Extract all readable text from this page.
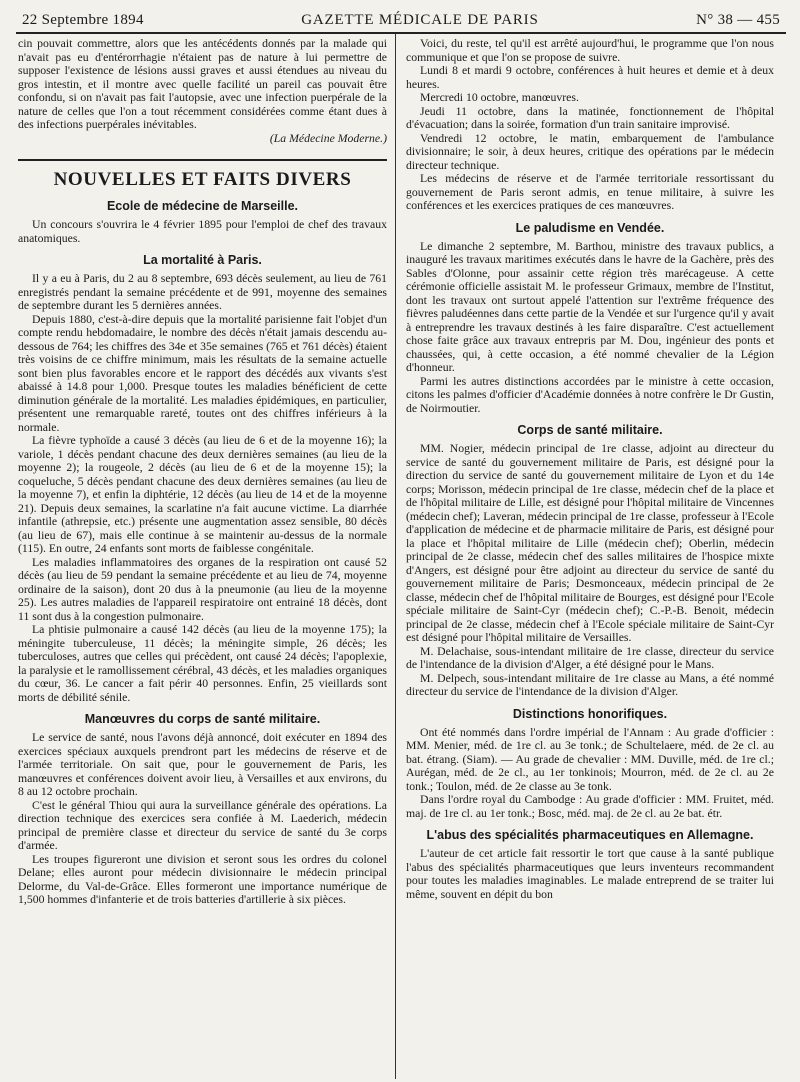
22 Septembre 1894	GAZETTE MÉDICALE DE PARIS	N° 38 — 455

cin pouvait commettre, alors que les antécédents donnés par la malade qui n'avait pas eu d'entérorrhagie n'étaient pas de nature à lui permettre de supposer l'existence de lésions aussi graves et aussi étendues au niveau du gros intestin, et il montre avec quelle facilité un pareil cas pouvait être confondu, si on n'avait pas fait l'autopsie, avec une infection puerpérale de la nature de celles que l'on a tout récemment considérées comme étant dues à des infections puerpérales inévitables.

(La Médecine Moderne.)
NOUVELLES ET FAITS DIVERS
Ecole de médecine de Marseille.

Un concours s'ouvrira le 4 février 1895 pour l'emploi de chef des travaux anatomiques.

La mortalité à Paris.

Il y a eu à Paris, du 2 au 8 septembre, 693 décès seulement, au lieu de 761 enregistrés pendant la semaine précédente et de 991, moyenne des semaines de septembre durant les 5 dernières années.

Depuis 1880, c'est-à-dire depuis que la mortalité parisienne fait l'objet d'un compte rendu hebdomadaire, le nombre des décès n'était jamais descendu au-dessous de 764; les chiffres des 34e et 35e semaines (765 et 761 décès) étaient très voisins de ce chiffre minimum, mais les résultats de la semaine actuelle sont bien plus favorables encore et le rapport des décédés aux vivants s'est abaissé à 14.8 pour 1,000. Presque toutes les maladies bénéficient de cette diminution générale de la mortalité. Les maladies épidémiques, en particulier, présentent une remarquable rareté, toutes ont des chiffres inférieurs à la normale.

La fièvre typhoïde a causé 3 décès (au lieu de 6 et de la moyenne 16); la variole, 1 décès pendant chacune des deux dernières semaines (au lieu de la moyenne 2); la rougeole, 2 décès (au lieu de 6 et de la moyenne 15); la coqueluche, 5 décès pendant chacune des deux dernières semaines (au lieu de la moyenne 7), et enfin la diphtérie, 12 décès (au lieu de 14 et de la moyenne 21). Depuis deux semaines, la scarlatine n'a fait aucune victime. La diarrhée infantile (athrepsie, etc.) présente une augmentation assez sensible, 80 décès (au lieu de 67), mais elle continue à se maintenir au-dessus de la normale (115). En outre, 24 enfants sont morts de faiblesse congénitale.

Les maladies inflammatoires des organes de la respiration ont causé 52 décès (au lieu de 59 pendant la semaine précédente et au lieu de 74, moyenne ordinaire de la saison), dont 20 dus à la pneumonie (au lieu de la moyenne 25). Les autres maladies de l'appareil respiratoire ont entrainé 18 décès, dont 11 sont dus à la congestion pulmonaire.

La phtisie pulmonaire a causé 142 décès (au lieu de la moyenne 175); la méningite tuberculeuse, 11 décès; la méningite simple, 26 décès; les tuberculoses, autres que celles qui précèdent, ont causé 24 décès; l'apoplexie, la paralysie et le ramollissement cérébral, 43 décès, et les maladies organiques du cœur, 36. Le cancer a fait périr 40 personnes. Enfin, 25 vieillards sont morts de débilité sénile.

Manœuvres du corps de santé militaire.

Le service de santé, nous l'avons déjà annoncé, doit exécuter en 1894 des exercices spéciaux auxquels prendront part les médecins de réserve et de l'armée territoriale. On sait que, pour le gouvernement de Paris, les manœuvres et conférences doivent avoir lieu, à Versailles et aux environs, du 8 au 12 octobre prochain.

C'est le général Thiou qui aura la surveillance générale des opérations. La direction technique des exercices sera confiée à M. Laederich, médecin principal de première classe et directeur du service de santé du 3e corps d'armée.

Les troupes figureront une division et seront sous les ordres du colonel Delane; elles auront pour médecin divisionnaire le médecin principal Delorme, du Val-de-Grâce. Elles formeront une importance numérique de 1,500 hommes d'infanterie et de trois batteries d'artillerie à six pièces.

Voici, du reste, tel qu'il est arrêté aujourd'hui, le programme que l'on nous communique et que l'on se propose de suivre.

Lundi 8 et mardi 9 octobre, conférences à huit heures et demie et à deux heures.

Mercredi 10 octobre, manœuvres.

Jeudi 11 octobre, dans la matinée, fonctionnement de l'hôpital d'évacuation; dans la soirée, formation d'un train sanitaire improvisé.

Vendredi 12 octobre, le matin, embarquement de l'ambulance divisionnaire; le soir, à deux heures, critique des opérations par le médecin directeur technique.

Les médecins de réserve et de l'armée territoriale ressortissant du gouvernement de Paris seront admis, en tenue militaire, à suivre les conférences et les exercices pratiques de ces manœuvres.

Le paludisme en Vendée.

Le dimanche 2 septembre, M. Barthou, ministre des travaux publics, a inauguré les travaux maritimes exécutés dans le havre de la Gachère, près des Sables d'Olonne, pour assainir cette région très marécageuse. A cette cérémonie officielle assistait M. le professeur Grimaux, membre de l'Institut, dont les travaux ont surtout appelé l'attention sur l'extrême fréquence des fièvres paludéennes dans cette partie de la Vendée et sur l'urgence qu'il y avait à entreprendre les travaux destinés à les faire disparaître. C'est actuellement chose faite grâce aux travaux entrepris par M. Dou, ingénieur des ponts et chaussées, qui, à cette occasion, a été nommé chevalier de la Légion d'honneur.

Parmi les autres distinctions accordées par le ministre à cette occasion, citons les palmes d'officier d'Académie données à notre confrère le Dr Gustin, de Noirmoutier.

Corps de santé militaire.

MM. Nogier, médecin principal de 1re classe, adjoint au directeur du service de santé du gouvernement militaire de Paris, est désigné pour la direction du service de santé du gouvernement militaire de Lyon et du 14e corps; Morisson, médecin principal de 1re classe, médecin chef de la place et de l'hôpital militaire de Lille, est désigné pour l'hôpital militaire de Vincennes (médecin chef); Laveran, médecin principal de 1re classe, professeur à l'Ecole d'application de médecine et de pharmacie militaire de Paris, est désigné pour la place et l'hôpital militaire de Lille (médecin chef); Oberlin, médecin principal de 2e classe, médecin chef des salles militaires de l'hospice mixte d'Angers, est désigné pour être adjoint au directeur du service de santé du gouvernement militaire de Paris; Desmonceaux, médecin principal de 2e classe, médecin chef de l'hôpital militaire de Bourges, est désigné pour l'Ecole spéciale militaire de Saint-Cyr (médecin chef); C.-P.-B. Benoit, médecin principal de 2e classe, médecin chef à l'Ecole spéciale militaire de Saint-Cyr est désigné pour l'hôpital militaire de Versailles.

M. Delachaise, sous-intendant militaire de 1re classe, directeur du service de l'intendance de la division d'Alger, a été désigné pour le Mans.

M. Delpech, sous-intendant militaire de 1re classe au Mans, a été nommé directeur du service de l'intendance de la division d'Alger.

Distinctions honorifiques.

Ont été nommés dans l'ordre impérial de l'Annam : Au grade d'officier : MM. Menier, méd. de 1re cl. au 3e tonk.; de Schultelaere, méd. de 2e cl. au bat. étrang. (Siam). — Au grade de chevalier : MM. Duville, méd. de 1re cl.; Aurégan, méd. de 2e cl., au 1er tonkinois; Mourron, méd. de 2e cl. au 2e tonk.; Toulon, méd. de 2e classe au 3e tonk.

Dans l'ordre royal du Cambodge : Au grade d'officier : MM. Fruitet, méd. maj. de 1re cl. au 1er tonk.; Bosc, méd. maj. de 2e cl. au 2e bat. étr.

L'abus des spécialités pharmaceutiques en Allemagne.

L'auteur de cet article fait ressortir le tort que cause à la santé publique l'abus des spécialités pharmaceutiques que leurs inventeurs recommandent pour toutes les maladies imaginables. Le malade entreprend de se traiter lui même, souvent en dépit du bon
